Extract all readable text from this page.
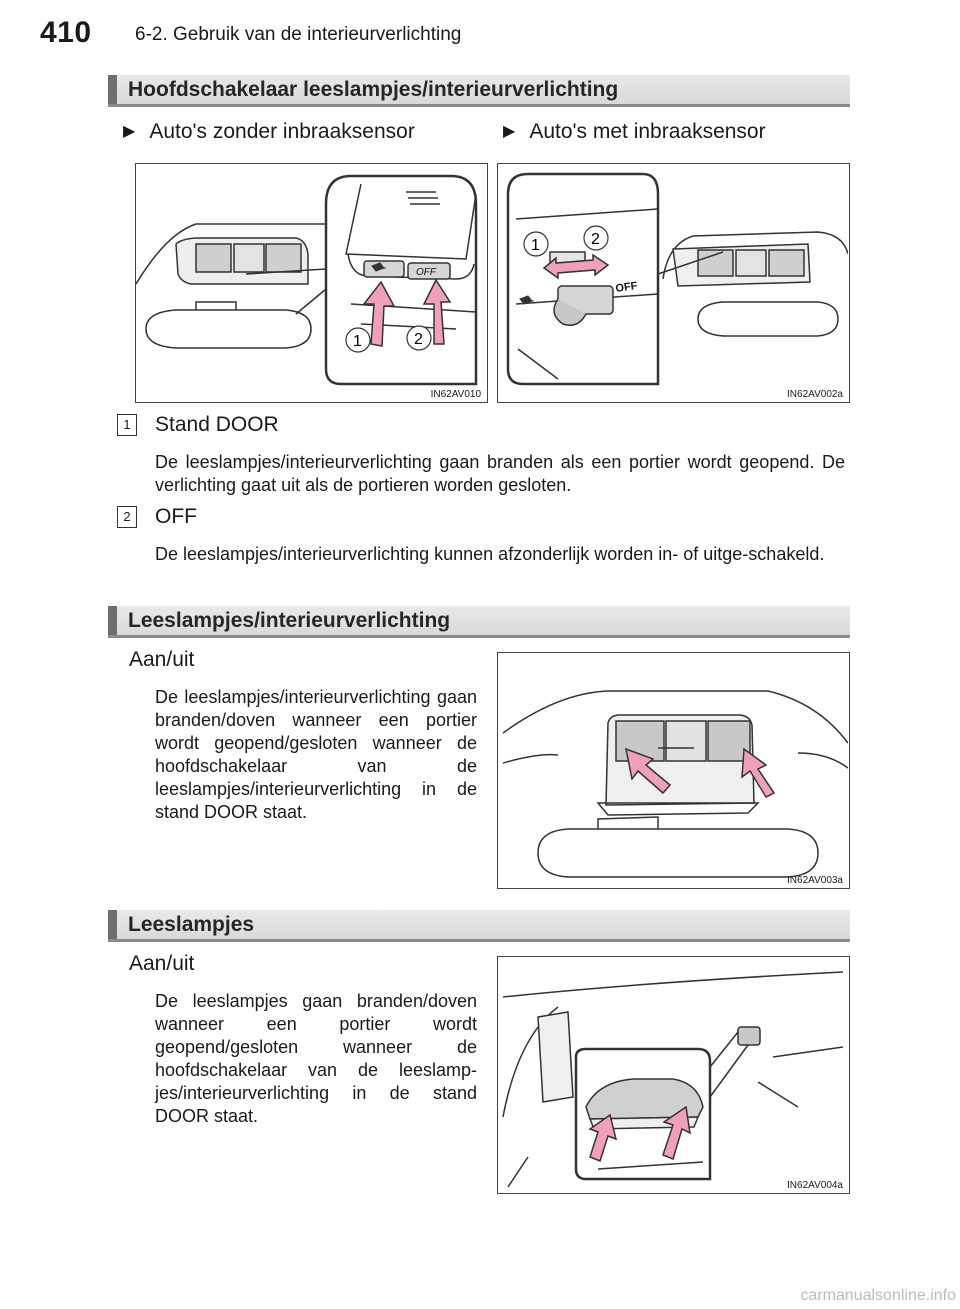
410 6-2. Gebruik van de interieurverlichting
Hoofdschakelaar leeslampjes/interieurverlichting
▶ Auto's zonder inbraaksensor	▶ Auto's met inbraaksensor
OFF
1	2
IN62AV010
OFF
1	2
IN62AV002a
1	Stand DOOR
De leeslampjes/interieurverlichting gaan branden als een portier wordt geopend. De verlichting gaat uit als de portieren worden gesloten.
2	OFF
De leeslampjes/interieurverlichting kunnen afzonderlijk worden in- of uitge-schakeld.
Leeslampjes/interieurverlichting
Aan/uit
De leeslampjes/interieurverlichting gaan branden/doven wanneer een portier wordt geopend/gesloten wanneer de hoofdschakelaar van de leeslampjes/interieurverlichting in de stand DOOR staat.
IN62AV003a
Leeslampjes
Aan/uit
De leeslampjes gaan branden/doven wanneer een portier wordt geopend/gesloten wanneer de hoofdschakelaar van de leeslamp-jes/interieurverlichting in de stand DOOR staat.
IN62AV004a
carmanualsonline.info
